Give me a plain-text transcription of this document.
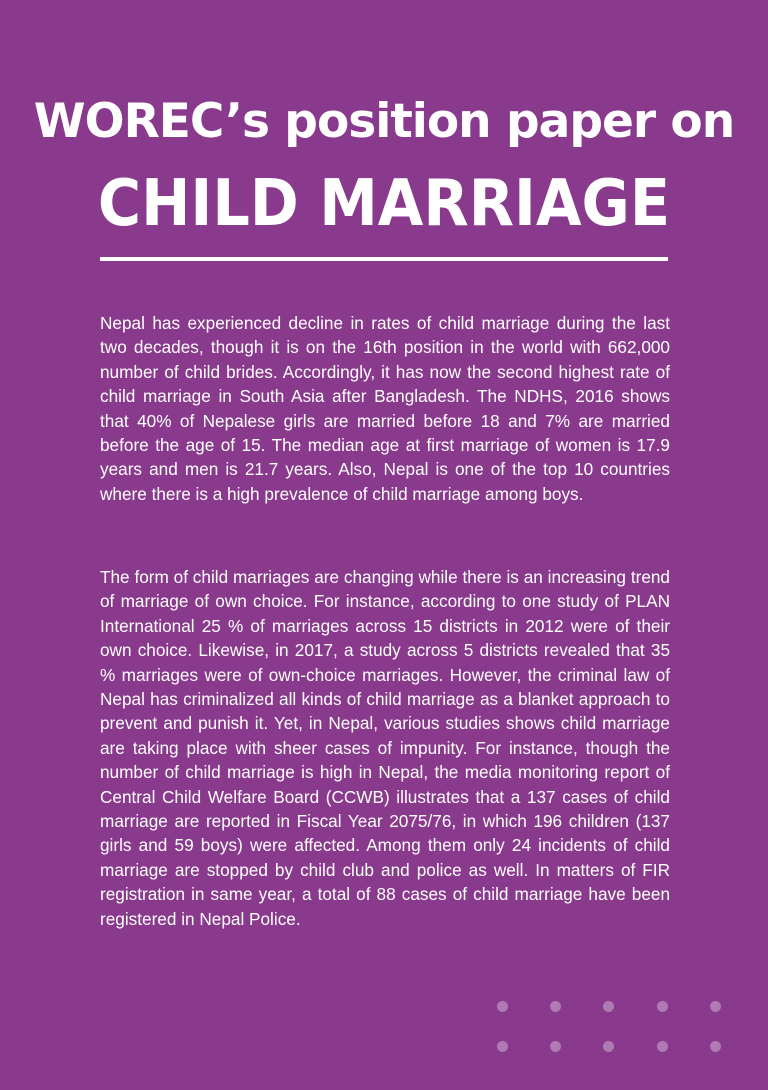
WOREC’s position paper on
CHILD MARRIAGE

Nepal has experienced decline in rates of child marriage during the last two decades, though it is on the 16th position in the world with 662,000 number of child brides. Accordingly, it has now the second highest rate of child marriage in South Asia after Bangladesh. The NDHS, 2016 shows that 40% of Nepalese girls are married before 18 and 7% are married before the age of 15. The median age at first marriage of women is 17.9 years and men is 21.7 years. Also, Nepal is one of the top 10 countries where there is a high prevalence of child marriage among boys.

The form of child marriages are changing while there is an increasing trend of marriage of own choice. For instance, according to one study of PLAN International 25 % of marriages across 15 districts in 2012 were of their own choice. Likewise, in 2017, a study across 5 districts revealed that 35 % marriages were of own-choice marriages. However, the criminal law of Nepal has criminalized all kinds of child marriage as a blanket approach to prevent and punish it. Yet, in Nepal, various studies shows child marriage are taking place with sheer cases of impunity. For instance, though the number of child marriage is high in Nepal, the media monitoring report of Central Child Welfare Board (CCWB) illustrates that a 137 cases of child marriage are reported in Fiscal Year 2075/76, in which 196 children (137 girls and 59 boys) were affected. Among them only 24 incidents of child marriage are stopped by child club and police as well. In matters of FIR registration in same year, a total of 88 cases of child marriage have been registered in Nepal Police.
